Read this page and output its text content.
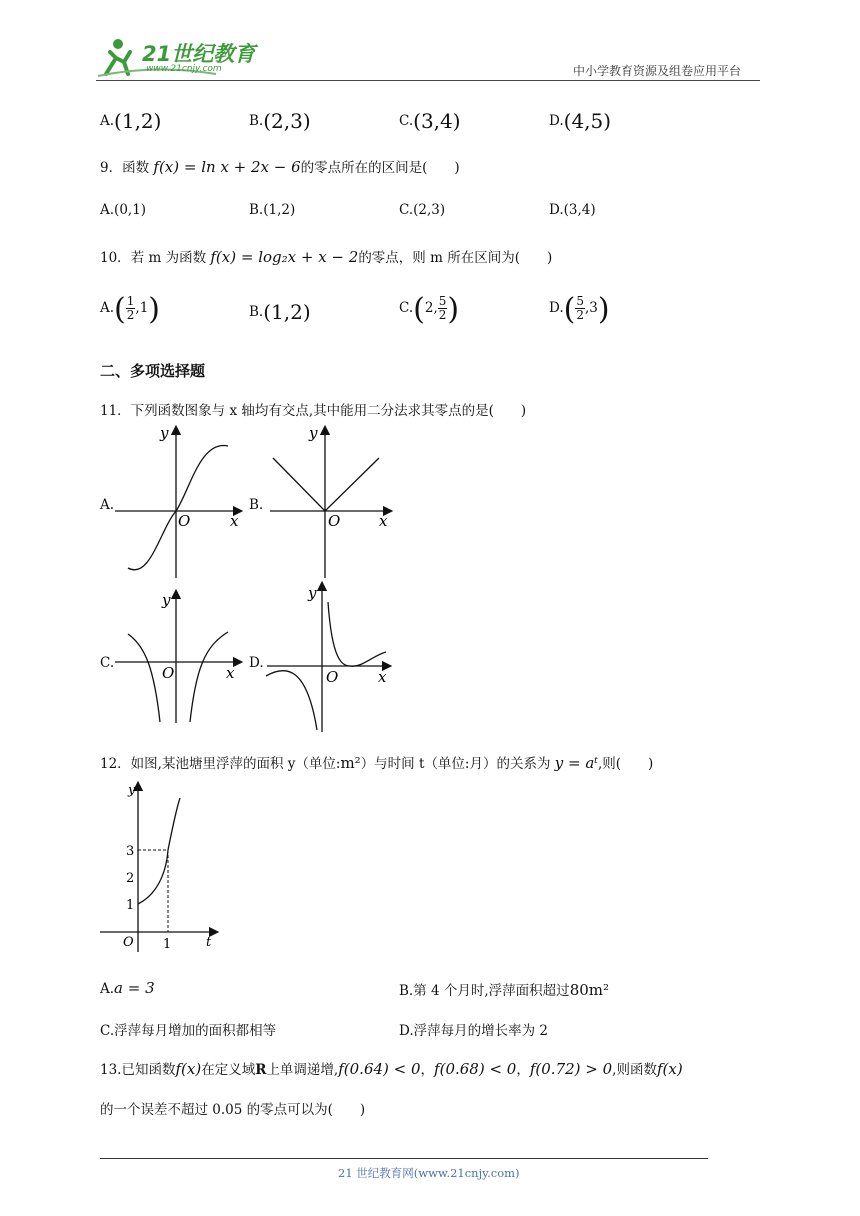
21世纪教育
www.21cnjy.com	中小学教育资源及组卷应用平台
A.(1,2)	B.(2,3)	C.(3,4)	D.(4,5)
9．函数 f(x) = ln x + 2x − 6的零点所在的区间是(　　)
A.(0,1)	B.(1,2)	C.(2,3)	D.(3,4)
10．若 m 为函数 f(x) = log₂x + x − 2的零点，则 m 所在区间为(　　)
$A.( \frac{1}{2} ,1)$	B.(1,2)	C.(2, $\frac{5}{2}$ )	$D.( \frac{5}{2} ,3)$
二、多项选择题
11．下列函数图象与 x 轴均有交点,其中能用二分法求其零点的是(　　)
A.	B.
C.	D.
y
x
O
y
x
O
y
x
O
y
x
O
12．如图,某池塘里浮萍的面积 y（单位:m²）与时间 t（单位:月）的关系为 y = aᵗ,则(　　)
y
t
O
1
2
3
1
A.a = 3	B.第 4 个月时,浮萍面积超过80m²
C.浮萍每月增加的面积都相等	D.浮萍每月的增长率为 2
13.已知函数f(x)在定义域R上单调递增,f(0.64) < 0，f(0.68) < 0，f(0.72) > 0,则函数f(x)
的一个误差不超过 0.05 的零点可以为(　　)
21 世纪教育网(www.21cnjy.com)
